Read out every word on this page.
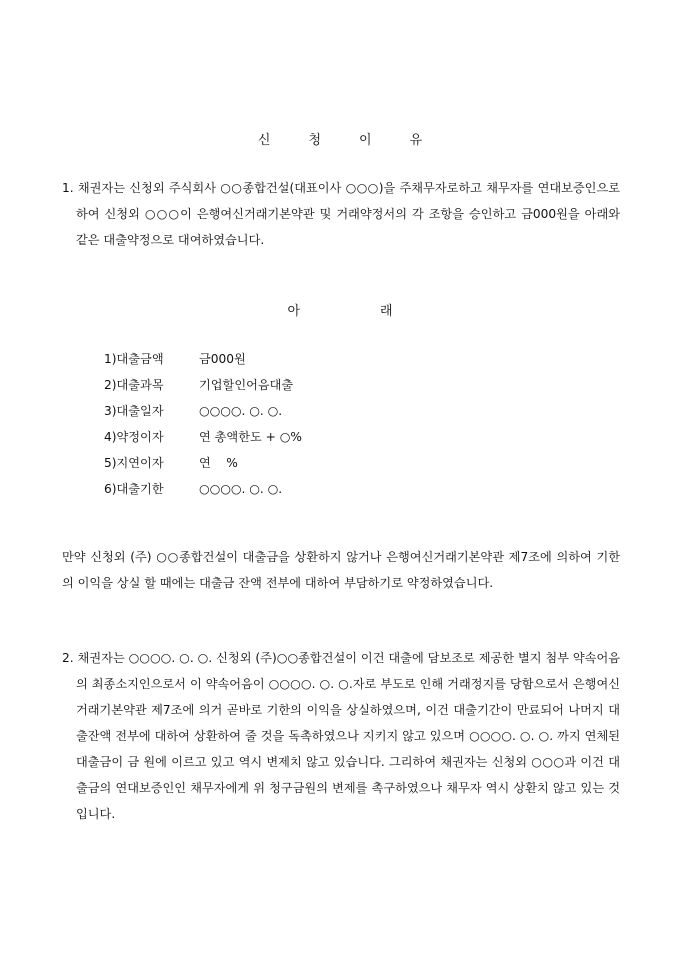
신	청	이	유
1. 채권자는 신청외 주식회사 ○○종합건설(대표이사 ○○○)을 주채무자로하고 채무자를 연대보증인으로 하여 신청외 ○○○이 은행여신거래기본약관 및 거래약정서의 각 조항을 승인하고 금000원을 아래와 같은 대출약정으로 대여하였습니다.
아	래
1)대출금액	금000원
2)대출과목	기업할인어음대출
3)대출일자	○○○○. ○. ○.
4)약정이자	연 총액한도 + ○%
5)지연이자	연    %
6)대출기한	○○○○. ○. ○.
만약 신청외 (주) ○○종합건설이 대출금을 상환하지 않거나 은행여신거래기본약관 제7조에 의하여 기한의 이익을 상실 할 때에는 대출금 잔액 전부에 대하여 부담하기로 약정하였습니다.
2. 채권자는 ○○○○. ○. ○. 신청외 (주)○○종합건설이 이건 대출에 담보조로 제공한 별지 첨부 약속어음의 최종소지인으로서 이 약속어음이 ○○○○. ○. ○.자로 부도로 인해 거래정지를 당함으로서 은행여신거래기본약관 제7조에 의거 곧바로 기한의 이익을 상실하였으며, 이건 대출기간이 만료되어 나머지 대출잔액 전부에 대하여 상환하여 줄 것을 독촉하였으나 지키지 않고 있으며 ○○○○. ○. ○. 까지 연체된 대출금이 금 원에 이르고 있고 역시 변제치 않고 있습니다. 그리하여 채권자는 신청외 ○○○과 이건 대출금의 연대보증인인 채무자에게 위 청구금원의 변제를 촉구하였으나 채무자 역시 상환치 않고 있는 것입니다.
